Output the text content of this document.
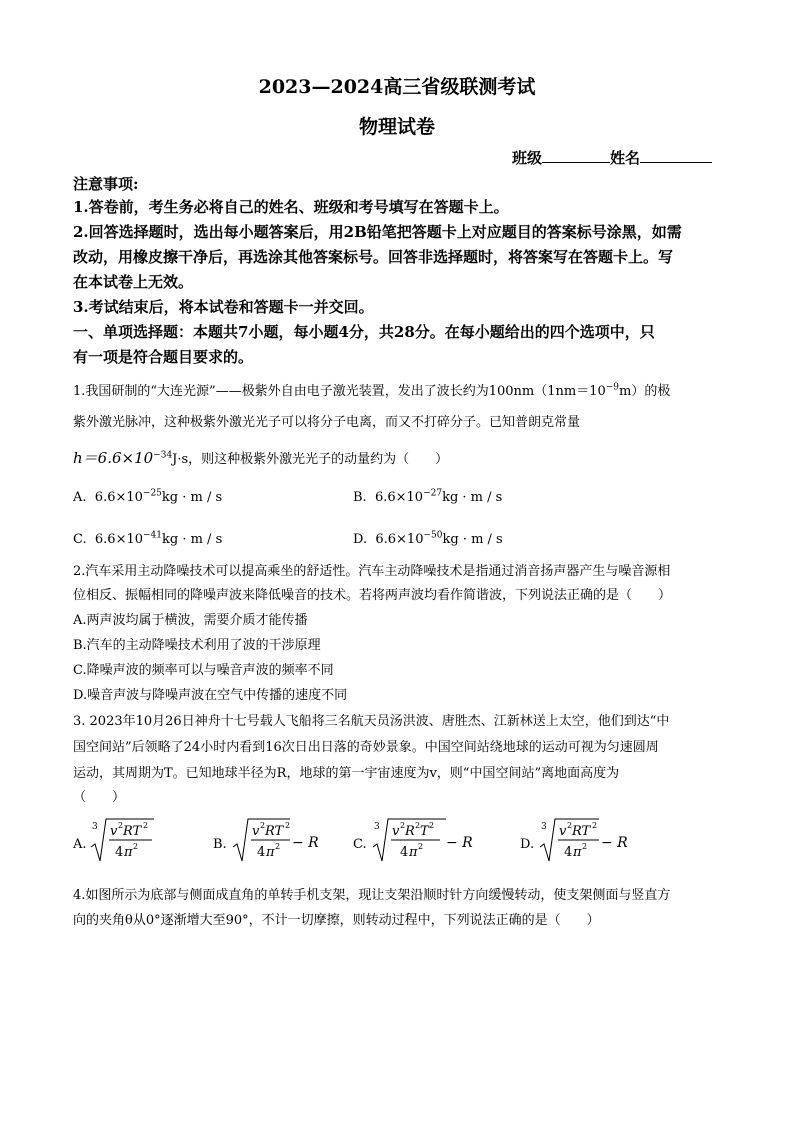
2023—2024高三省级联测考试
物理试卷
班级	姓名
注意事项:
1.答卷前，考生务必将自己的姓名、班级和考号填写在答题卡上。
2.回答选择题时，选出每小题答案后，用2B铅笔把答题卡上对应题目的答案标号涂黑，如需
改动，用橡皮擦干净后，再选涂其他答案标号。回答非选择题时，将答案写在答题卡上。写
在本试卷上无效。
3.考试结束后，将本试卷和答题卡一并交回。
一、单项选择题：本题共7小题，每小题4分，共28分。在每小题给出的四个选项中，只
有一项是符合题目要求的。
1.我国研制的“大连光源”——极紫外自由电子激光装置，发出了波长约为$100nm(1nm=10^{-9}m)$的极
紫外激光脉冲，这种极紫外激光光子可以将分子电离，而又不打碎分子。已知普朗克常量
$h=6.6\times 10^{-34}J\cdot s$，则这种极紫外激光光子的动量约为（　　）
A. $6.6\times 10^{-25}kg \cdot m / s$	B. $6.6\times 10^{-27}kg \cdot m / s$
C. $6.6\times 10^{-41}kg \cdot m / s$	D. $6.6\times 10^{-50}kg \cdot m / s$
2.汽车采用主动降噪技术可以提高乘坐的舒适性。汽车主动降噪技术是指通过消音扬声器产生与噪音源相
位相反、振幅相同的降噪声波来降低噪音的技术。若将两声波均看作简谐波，下列说法正确的是（　　）
A.两声波均属于横波，需要介质才能传播
B.汽车的主动降噪技术利用了波的干涉原理
C.降噪声波的频率可以与噪音声波的频率不同
D.噪音声波与降噪声波在空气中传播的速度不同
3. 2023年10月26日神舟十七号载人飞船将三名航天员汤洪波、唐胜杰、江新林送上太空，他们到达“中
国空间站”后领略了24小时内看到16次日出日落的奇妙景象。中国空间站绕地球的运动可视为匀速圆周
运动，其周期为T。已知地球半径为R，地球的第一宇宙速度为v，则“中国空间站”离地面高度为
（　　）
A.
3 v 2 RT 2
4 π 2	B.
v 2 RT 2
4 π 2 − R	C.
3 v 2 R 2 T 2
4 π 2 − R	D.
3 v 2 RT 2
4 π 2 − R
4.如图所示为底部与侧面成直角的单转手机支架，现让支架沿顺时针方向缓慢转动，使支架侧面与竖直方
向的夹角θ从0°逐渐增大至90°，不计一切摩擦，则转动过程中，下列说法正确的是（　　）
